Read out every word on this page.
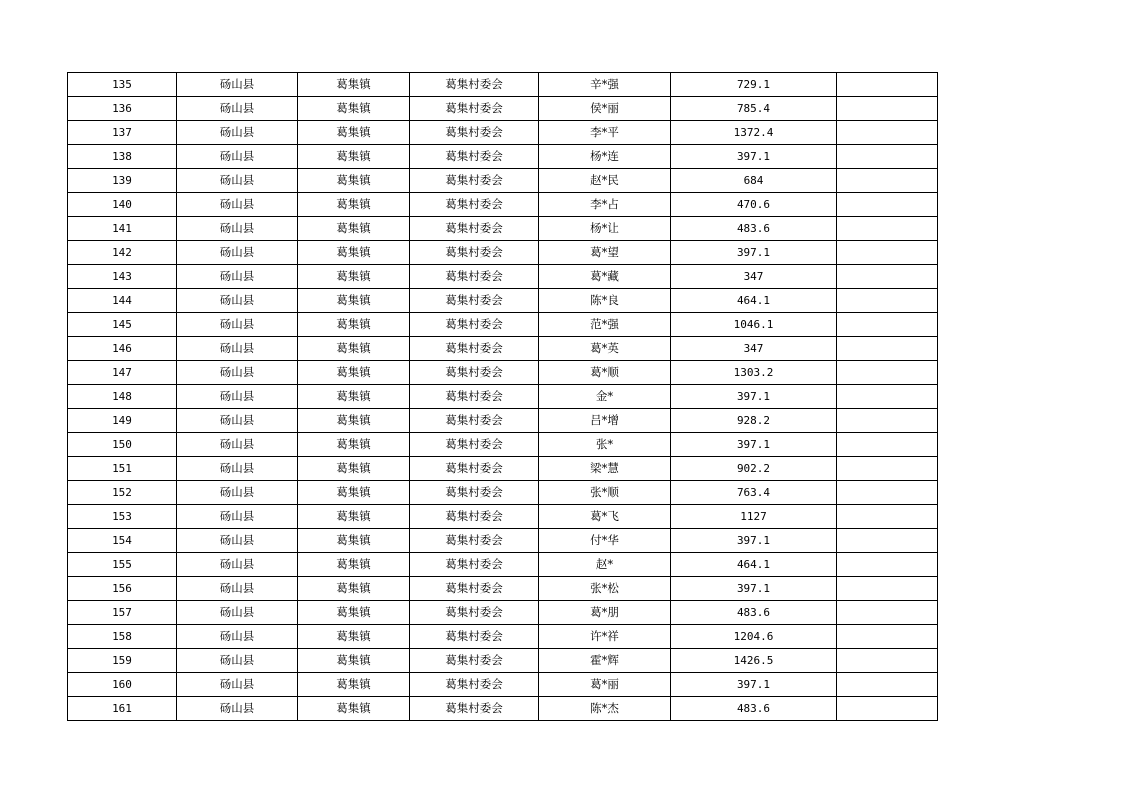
135	砀山县	葛集镇	葛集村委会	辛*强	729.1	
136	砀山县	葛集镇	葛集村委会	侯*丽	785.4	
137	砀山县	葛集镇	葛集村委会	李*平	1372.4	
138	砀山县	葛集镇	葛集村委会	杨*连	397.1	
139	砀山县	葛集镇	葛集村委会	赵*民	684	
140	砀山县	葛集镇	葛集村委会	李*占	470.6	
141	砀山县	葛集镇	葛集村委会	杨*让	483.6	
142	砀山县	葛集镇	葛集村委会	葛*望	397.1	
143	砀山县	葛集镇	葛集村委会	葛*藏	347	
144	砀山县	葛集镇	葛集村委会	陈*良	464.1	
145	砀山县	葛集镇	葛集村委会	范*强	1046.1	
146	砀山县	葛集镇	葛集村委会	葛*英	347	
147	砀山县	葛集镇	葛集村委会	葛*顺	1303.2	
148	砀山县	葛集镇	葛集村委会	金*	397.1	
149	砀山县	葛集镇	葛集村委会	吕*增	928.2	
150	砀山县	葛集镇	葛集村委会	张*	397.1	
151	砀山县	葛集镇	葛集村委会	梁*慧	902.2	
152	砀山县	葛集镇	葛集村委会	张*顺	763.4	
153	砀山县	葛集镇	葛集村委会	葛*飞	1127	
154	砀山县	葛集镇	葛集村委会	付*华	397.1	
155	砀山县	葛集镇	葛集村委会	赵*	464.1	
156	砀山县	葛集镇	葛集村委会	张*松	397.1	
157	砀山县	葛集镇	葛集村委会	葛*朋	483.6	
158	砀山县	葛集镇	葛集村委会	许*祥	1204.6	
159	砀山县	葛集镇	葛集村委会	霍*辉	1426.5	
160	砀山县	葛集镇	葛集村委会	葛*丽	397.1	
161	砀山县	葛集镇	葛集村委会	陈*杰	483.6	
